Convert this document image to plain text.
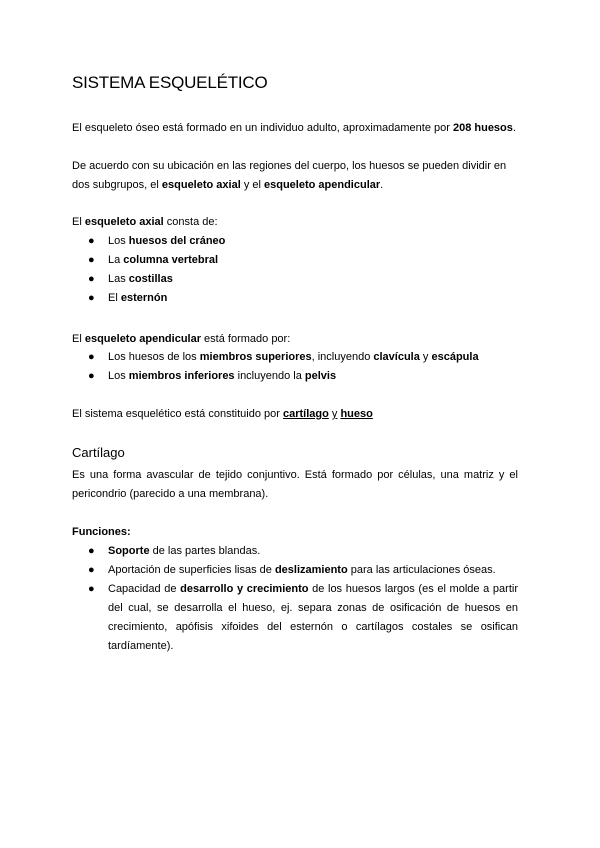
SISTEMA ESQUELÉTICO

El esqueleto óseo está formado en un individuo adulto, aproximadamente por 208 huesos.

De acuerdo con su ubicación en las regiones del cuerpo, los huesos se pueden dividir en dos subgrupos, el esqueleto axial y el esqueleto apendicular.

El esqueleto axial consta de:

● Los huesos del cráneo
● La columna vertebral
● Las costillas
● El esternón

El esqueleto apendicular está formado por:

● Los huesos de los miembros superiores, incluyendo clavícula y escápula
● Los miembros inferiores incluyendo la pelvis

El sistema esquelético está constituido por cartílago y hueso

Cartílago

Es una forma avascular de tejido conjuntivo. Está formado por células, una matriz y el pericondrio (parecido a una membrana).

Funciones:

● Soporte de las partes blandas.
● Aportación de superficies lisas de deslizamiento para las articulaciones óseas.
● Capacidad de desarrollo y crecimiento de los huesos largos (es el molde a partir del cual, se desarrolla el hueso, ej. separa zonas de osificación de huesos en crecimiento, apófisis xifoides del esternón o cartílagos costales se osifican tardíamente).
